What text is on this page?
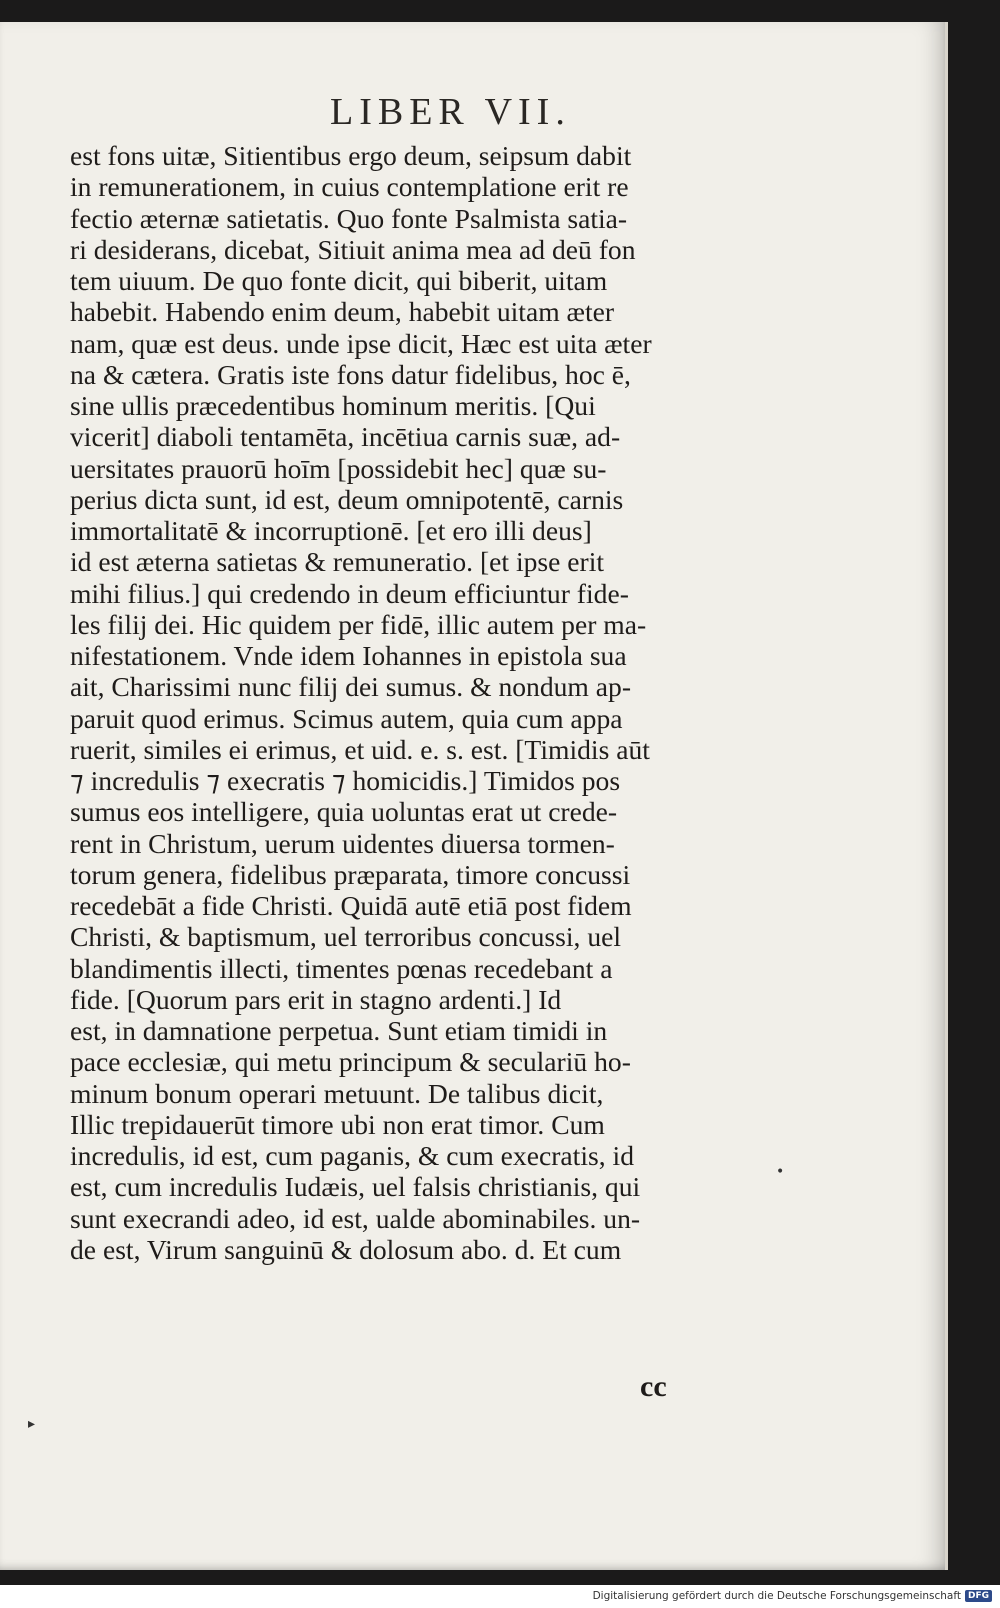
LIBER VII.
est fons uitæ, Sitientibus ergo deum, seipsum dabit
in remunerationem, in cuius contemplatione erit re
fectio æternæ satietatis. Quo fonte Psalmista satia-
ri desiderans, dicebat, Sitiuit anima mea ad deū fon
tem uiuum. De quo fonte dicit, qui biberit, uitam
habebit. Habendo enim deum, habebit uitam æter
nam, quæ est deus. unde ipse dicit, Hæc est uita æter
na & cætera. Gratis iste fons datur fidelibus, hoc ē,
sine ullis præcedentibus hominum meritis. [Qui
vicerit] diaboli tentamēta, incētiua carnis suæ, ad-
uersitates prauorū hoīm [possidebit hec] quæ su-
perius dicta sunt, id est, deum omnipotentē, carnis
immortalitatē & incorruptionē. [et ero illi deus]
id est æterna satietas & remuneratio. [et ipse erit
mihi filius.] qui credendo in deum efficiuntur fide-
les filij dei. Hic quidem per fidē, illic autem per ma-
nifestationem. Vnde idem Iohannes in epistola sua
ait, Charissimi nunc filij dei sumus. & nondum ap-
paruit quod erimus. Scimus autem, quia cum appa
ruerit, similes ei erimus, et uid. e. s. est. [Timidis aūt
⁊ incredulis ⁊ execratis ⁊ homicidis.] Timidos pos
sumus eos intelligere, quia uoluntas erat ut crede-
rent in Christum, uerum uidentes diuersa tormen-
torum genera, fidelibus præparata, timore concussi
recedebāt a fide Christi. Quidā autē etiā post fidem
Christi, & baptismum, uel terroribus concussi, uel
blandimentis illecti, timentes pœnas recedebant a
fide. [Quorum pars erit in stagno ardenti.] Id
est, in damnatione perpetua. Sunt etiam timidi in
pace ecclesiæ, qui metu principum & seculariū ho-
minum bonum operari metuunt. De talibus dicit,
Illic trepidauerūt timore ubi non erat timor. Cum
incredulis, id est, cum paganis, & cum execratis, id
est, cum incredulis Iudæis, uel falsis christianis, qui
sunt execrandi adeo, id est, ualde abominabiles. un-
de est, Virum sanguinū & dolosum abo. d. Et cum
cc
•
▸
Digitalisierung gefördert durch die Deutsche Forschungsgemeinschaft DFG
